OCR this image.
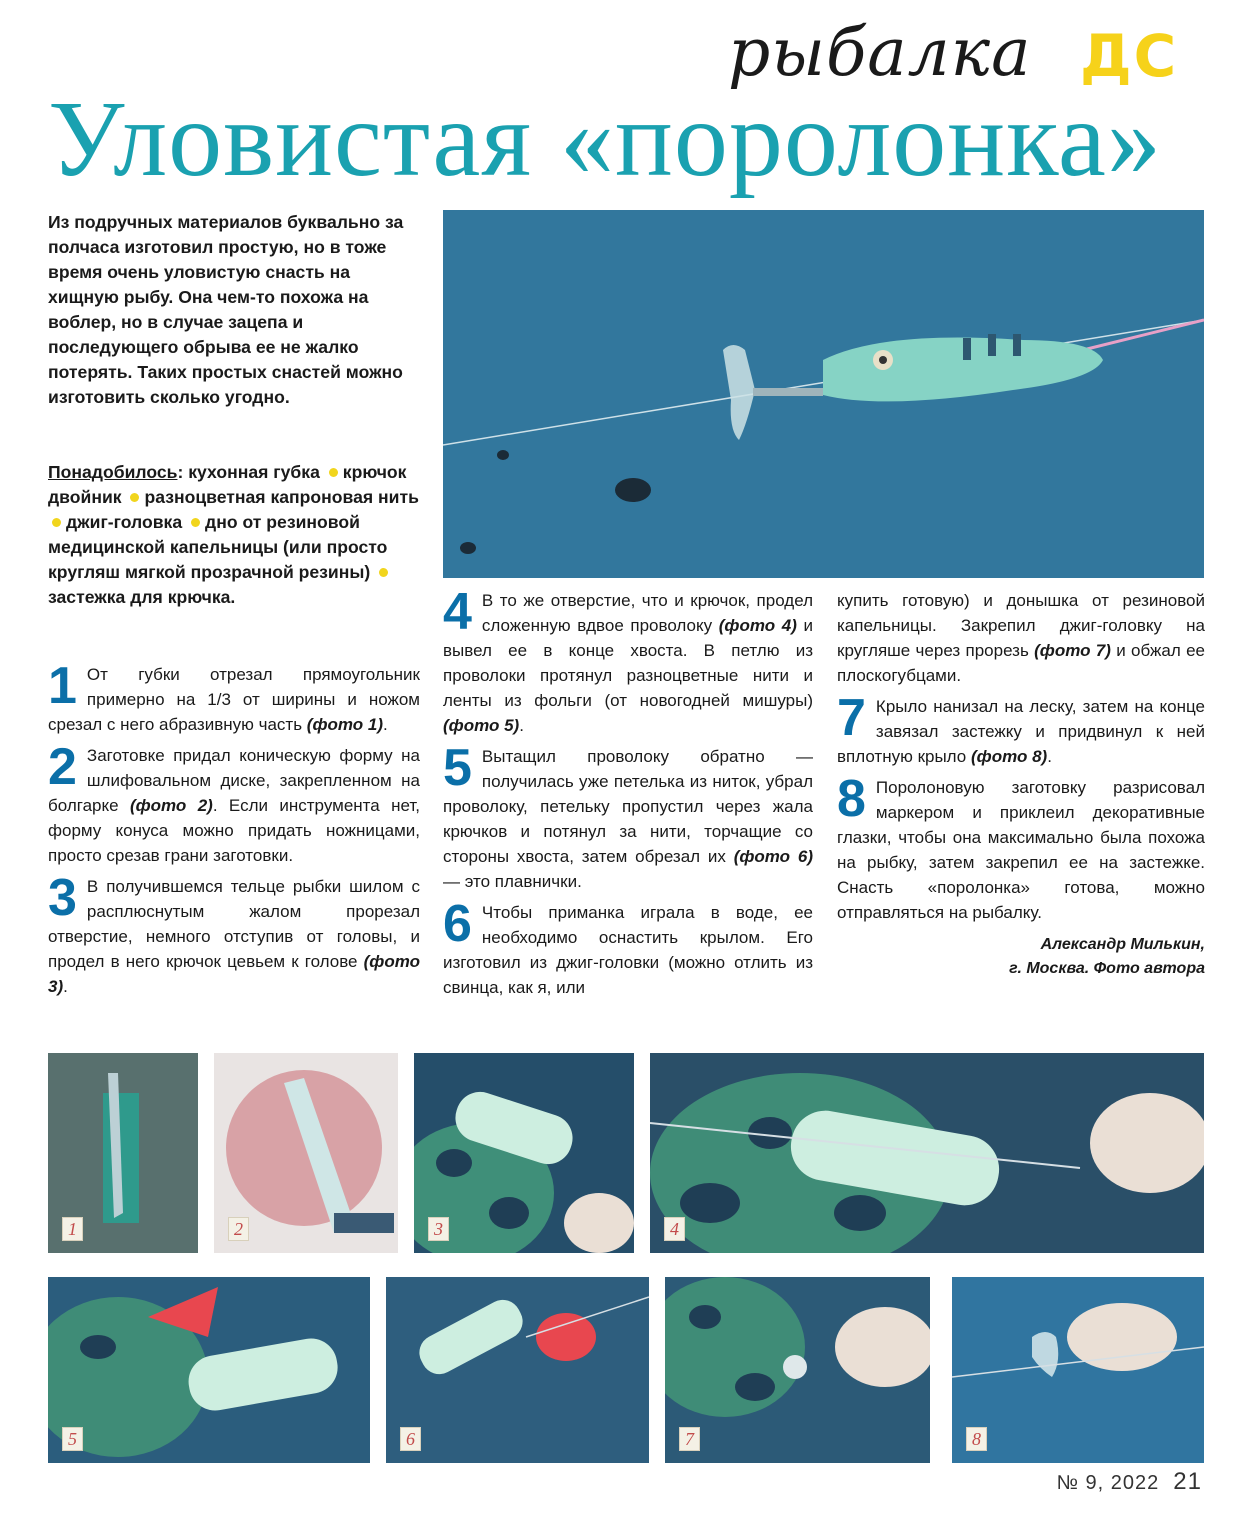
рыбалка ДС
Уловистая «поролонка»
Из подручных материалов буквально за полчаса изготовил простую, но в тоже время очень уловистую снасть на хищную рыбу. Она чем-то похожа на воблер, но в случае зацепа и последующего обрыва ее не жалко потерять. Таких простых снастей можно изготовить сколько угодно.
Понадобилось: кухонная губка крючок двойник разноцветная капроновая нить джиг-головка дно от резиновой медицинской капельницы (или просто кругляш мягкой прозрачной резины) застежка для крючка.

1 От губки отрезал прямоугольник примерно на 1/3 от ширины и ножом срезал с него абразивную часть (фото 1).

2 Заготовке придал коническую форму на шлифовальном диске, закрепленном на болгарке (фото 2). Если инструмента нет, форму конуса можно придать ножницами, просто срезав грани заготовки.

3 В получившемся тельце рыбки шилом с расплюснутым жалом прорезал отверстие, немного отступив от головы, и продел в него крючок цевьем к голове (фото 3).

4 В то же отверстие, что и крючок, продел сложенную вдвое проволоку (фото 4) и вывел ее в конце хвоста. В петлю из проволоки протянул разноцветные нити и ленты из фольги (от новогодней мишуры) (фото 5).

5 Вытащил проволоку обратно — получилась уже петелька из ниток, убрал проволоку, петельку пропустил через жала крючков и потянул за нити, торчащие со стороны хвоста, затем обрезал их (фото 6) — это плавнички.

6 Чтобы приманка играла в воде, ее необходимо оснастить крылом. Его изготовил из джиг-головки (можно отлить из свинца, как я, или

купить готовую) и донышка от резиновой капельницы. Закрепил джиг-головку на кругляше через прорезь (фото 7) и обжал ее плоскогубцами.

7 Крыло нанизал на леску, затем на конце завязал застежку и придвинул к ней вплотную крыло (фото 8).

8 Поролоновую заготовку разрисовал маркером и приклеил декоративные глазки, чтобы она максимально была похожа на рыбку, затем закрепил ее на застежке. Снасть «поролонка» готова, можно отправляться на рыбалку.

Александр Милькин,
г. Москва. Фото автора
1	2	3	4
5	6	7	8
№ 9, 2022 21
